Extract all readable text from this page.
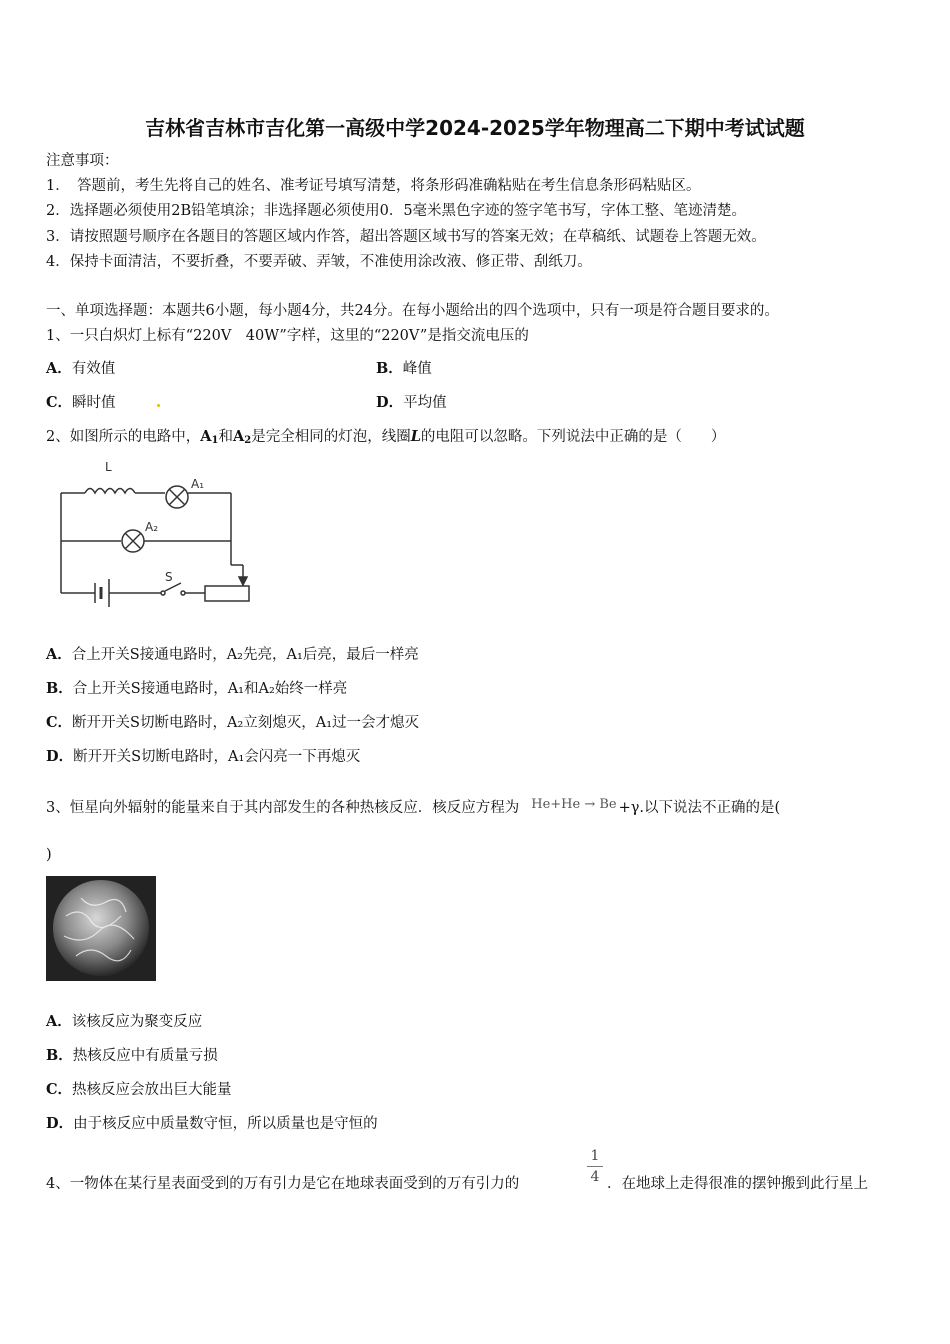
吉林省吉林市吉化第一高级中学2024-2025学年物理高二下期中考试试题
注意事项：
1．　答题前，考生先将自己的姓名、准考证号填写清楚，将条形码准确粘贴在考生信息条形码粘贴区。
2．选择题必须使用2B铅笔填涂；非选择题必须使用0．5毫米黑色字迹的签字笔书写，字体工整、笔迹清楚。
3．请按照题号顺序在各题目的答题区域内作答，超出答题区域书写的答案无效；在草稿纸、试题卷上答题无效。
4．保持卡面清洁，不要折叠，不要弄破、弄皱，不准使用涂改液、修正带、刮纸刀。
一、单项选择题：本题共6小题，每小题4分，共24分。在每小题给出的四个选项中，只有一项是符合题目要求的。
1、一只白炽灯上标有“220V　40W”字样，这里的“220V”是指交流电压的
A．有效值	B．峰值
C．瞬时值	D．平均值
2、如图所示的电路中，$A_1$和$A_2$是完全相同的灯泡，线圈L的电阻可以忽略。下列说法中正确的是（　　）
L
A₁
A₂
S
A．合上开关S接通电路时，A₂先亮，A₁后亮，最后一样亮
B．合上开关S接通电路时，A₁和A₂始终一样亮
C．断开开关S切断电路时，A₂立刻熄灭，A₁过一会才熄灭
D．断开开关S切断电路时，A₁会闪亮一下再熄灭
3、恒星向外辐射的能量来自于其内部发生的各种热核反应．核反应方程为 He+He → Be +γ.以下说法不正确的是(
)
A．该核反应为聚变反应
B．热核反应中有质量亏损
C．热核反应会放出巨大能量
D．由于核反应中质量数守恒，所以质量也是守恒的
4、一物体在某行星表面受到的万有引力是它在地球表面受到的万有引力的
1
4 ．在地球上走得很准的摆钟搬到此行星上
